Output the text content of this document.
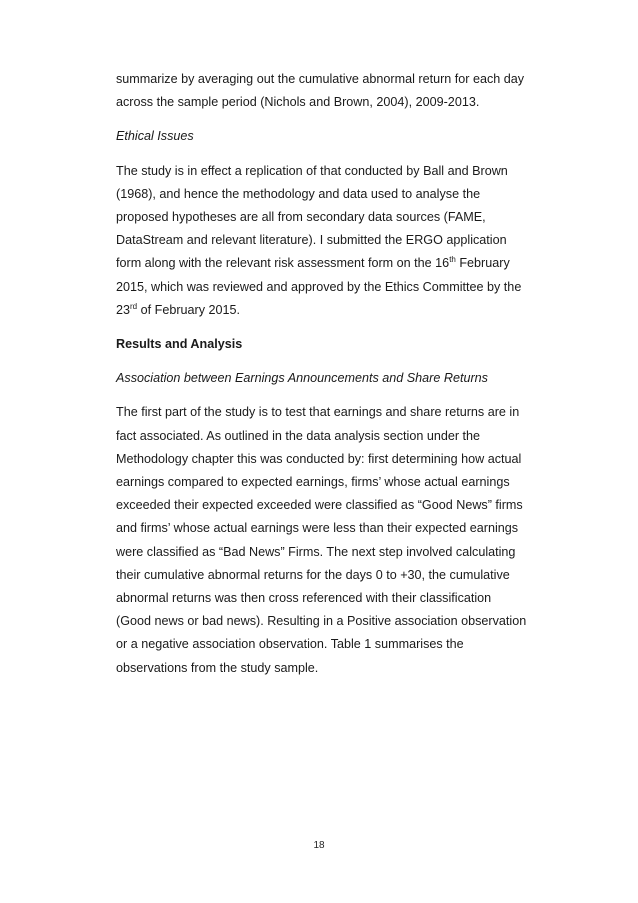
summarize by averaging out the cumulative abnormal return for each day across the sample period (Nichols and Brown, 2004), 2009-2013.

Ethical Issues

The study is in effect a replication of that conducted by Ball and Brown (1968), and hence the methodology and data used to analyse the proposed hypotheses are all from secondary data sources (FAME, DataStream and relevant literature). I submitted the ERGO application form along with the relevant risk assessment form on the 16th February 2015, which was reviewed and approved by the Ethics Committee by the 23rd of February 2015.

Results and Analysis

Association between Earnings Announcements and Share Returns

The first part of the study is to test that earnings and share returns are in fact associated. As outlined in the data analysis section under the Methodology chapter this was conducted by: first determining how actual earnings compared to expected earnings, firms’ whose actual earnings exceeded their expected exceeded were classified as “Good News” firms and firms’ whose actual earnings were less than their expected earnings were classified as “Bad News” Firms. The next step involved calculating their cumulative abnormal returns for the days 0 to +30, the cumulative abnormal returns was then cross referenced with their classification (Good news or bad news). Resulting in a Positive association observation or a negative association observation. Table 1 summarises the observations from the study sample.

18
